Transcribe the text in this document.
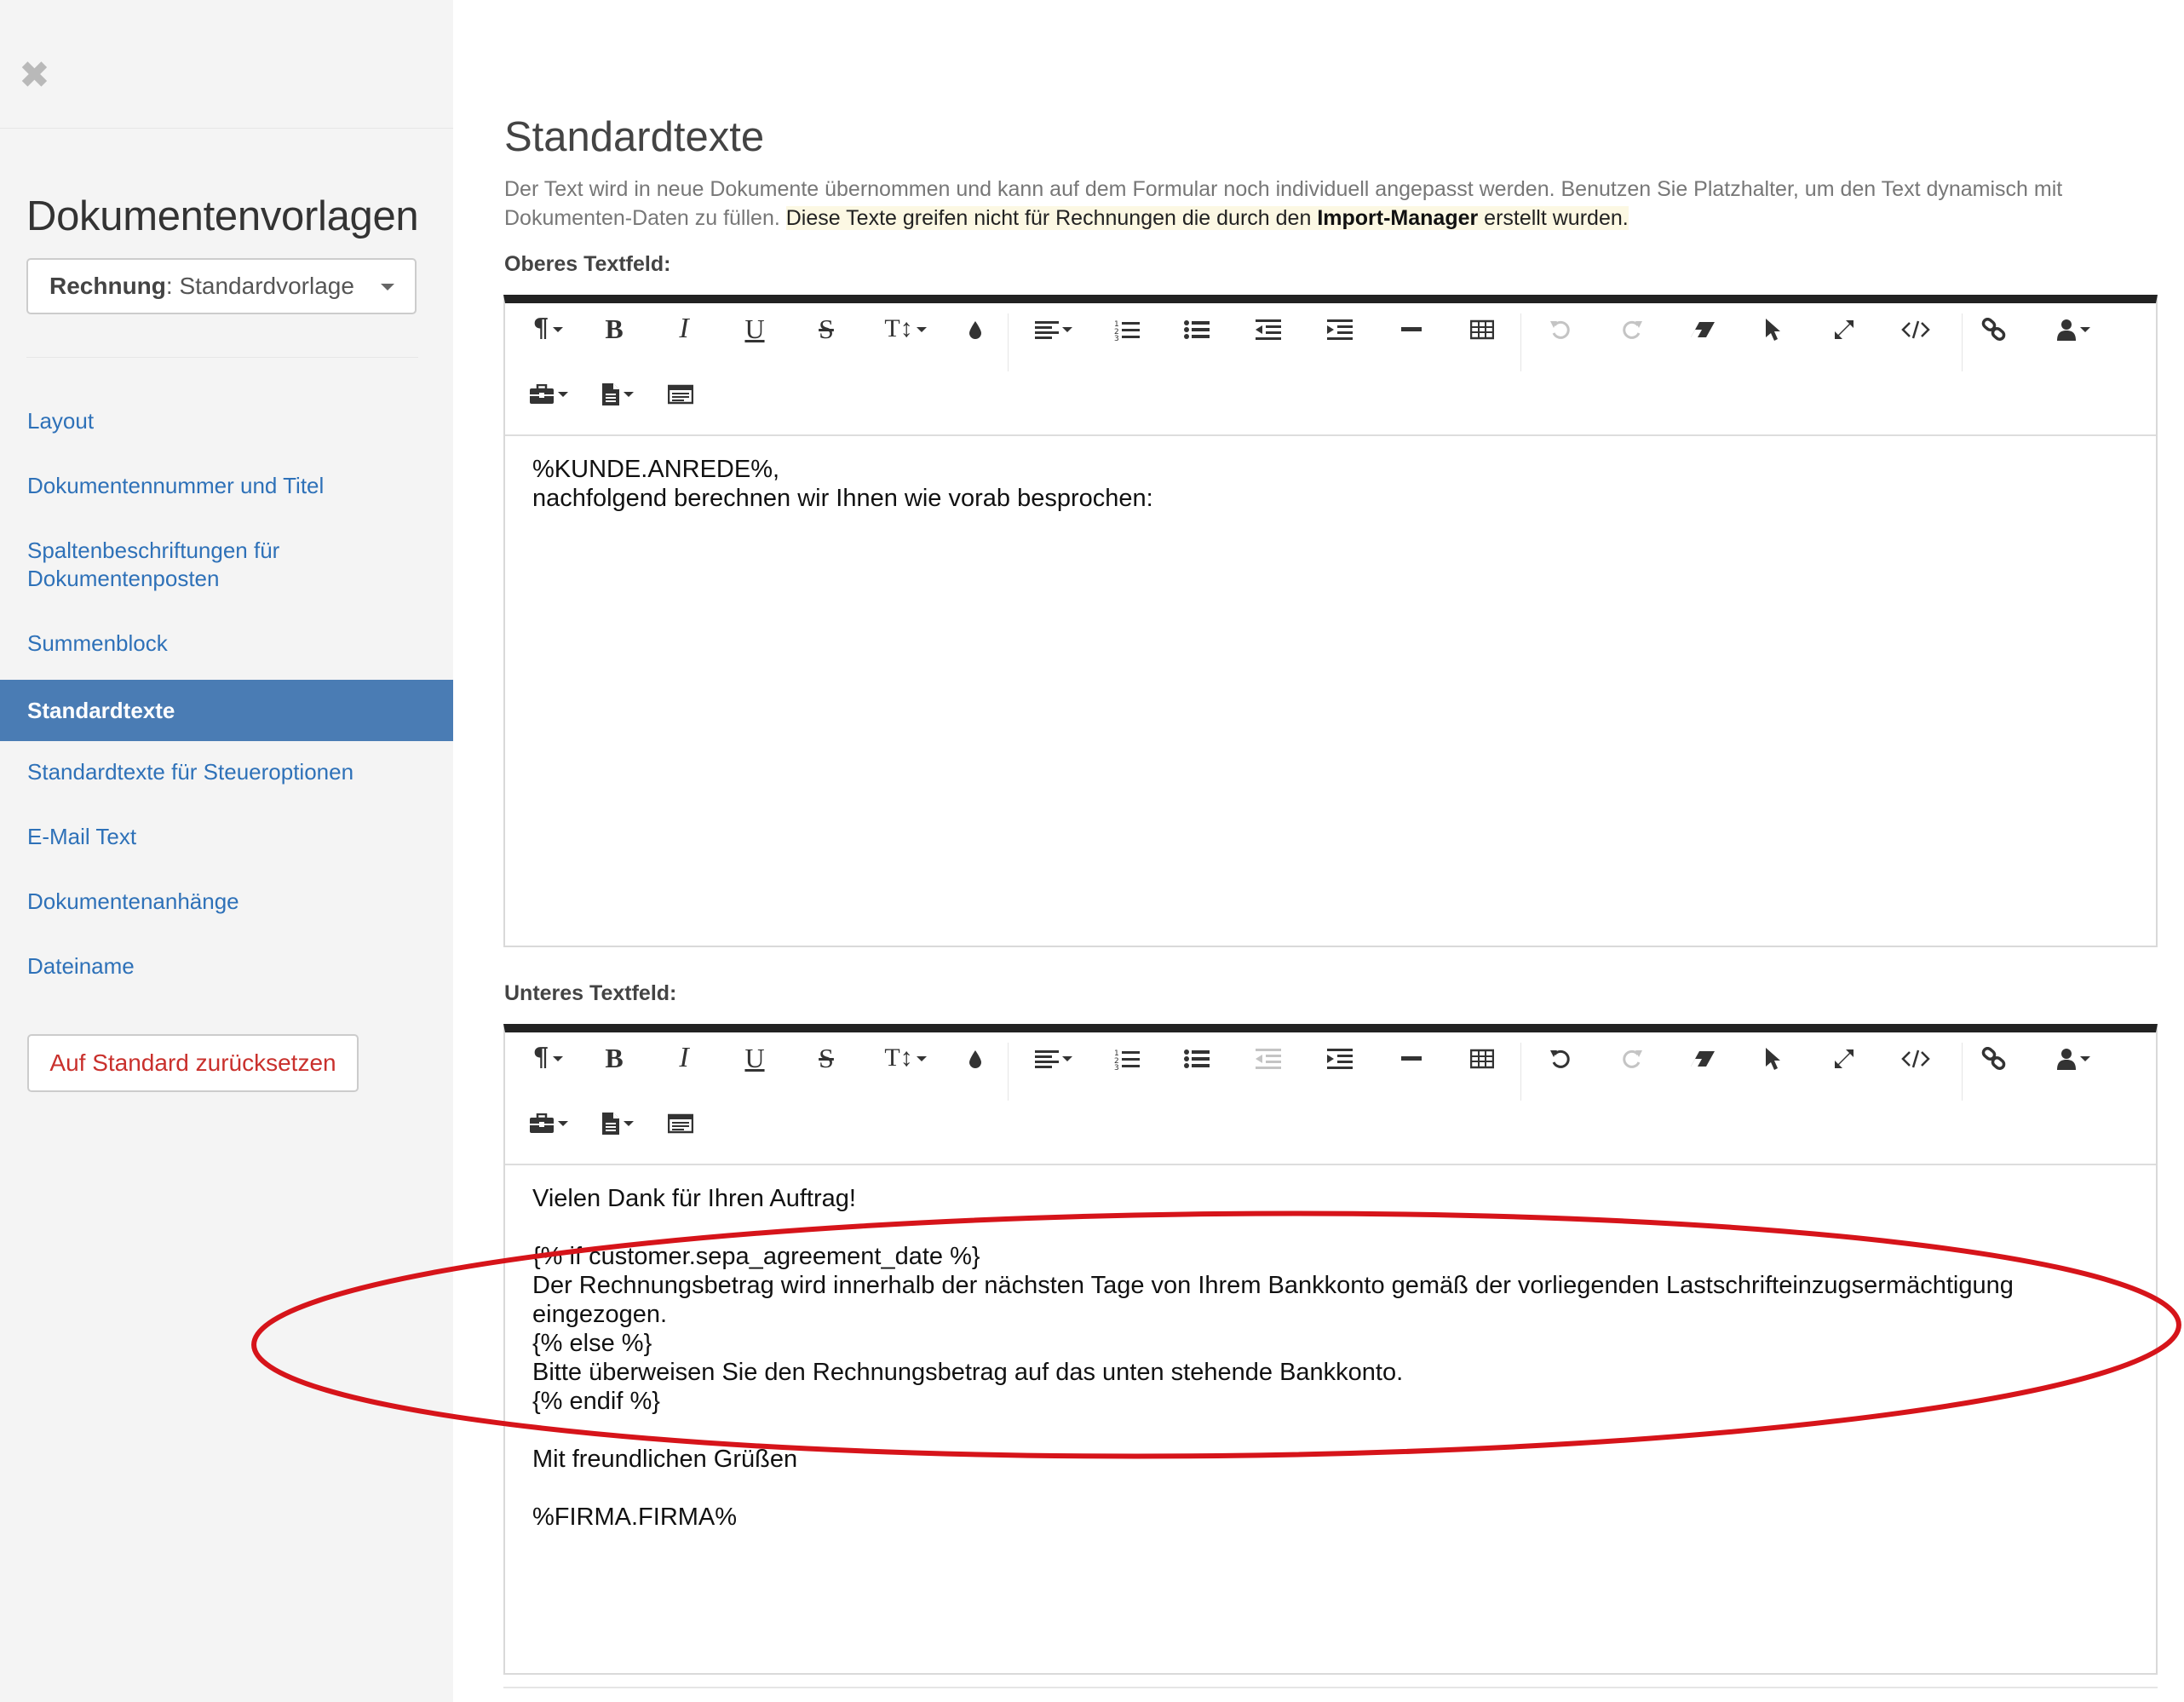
✖
Dokumentenvorlagen
Rechnung: Standardvorlage
Layout
Dokumentennummer und Titel
Spaltenbeschriftungen für Dokumentenposten
Summenblock
Standardtexte
Standardtexte für Steueroptionen
E-Mail Text
Dokumentenanhänge
Dateiname
Auf Standard zurücksetzen
Standardtexte
Der Text wird in neue Dokumente übernommen und kann auf dem Formular noch individuell angepasst werden. Benutzen Sie Platzhalter, um den Text dynamisch mit Dokumenten-Daten zu füllen. Diese Texte greifen nicht für Rechnungen die durch den Import-Manager erstellt wurden.
Oberes Textfeld:
¶	B	I	U	S	T↕	1
2
3
%KUNDE.ANREDE%,
nachfolgend berechnen wir Ihnen wie vorab besprochen:
Unteres Textfeld:
¶	B	I	U	S	T↕	1
2
3
Vielen Dank für Ihren Auftrag!
{% if customer.sepa_agreement_date %}
Der Rechnungsbetrag wird innerhalb der nächsten Tage von Ihrem Bankkonto gemäß der vorliegenden Lastschrifteinzugsermächtigung eingezogen.
{% else %}
Bitte überweisen Sie den Rechnungsbetrag auf das unten stehende Bankkonto.
{% endif %}
Mit freundlichen Grüßen
%FIRMA.FIRMA%
